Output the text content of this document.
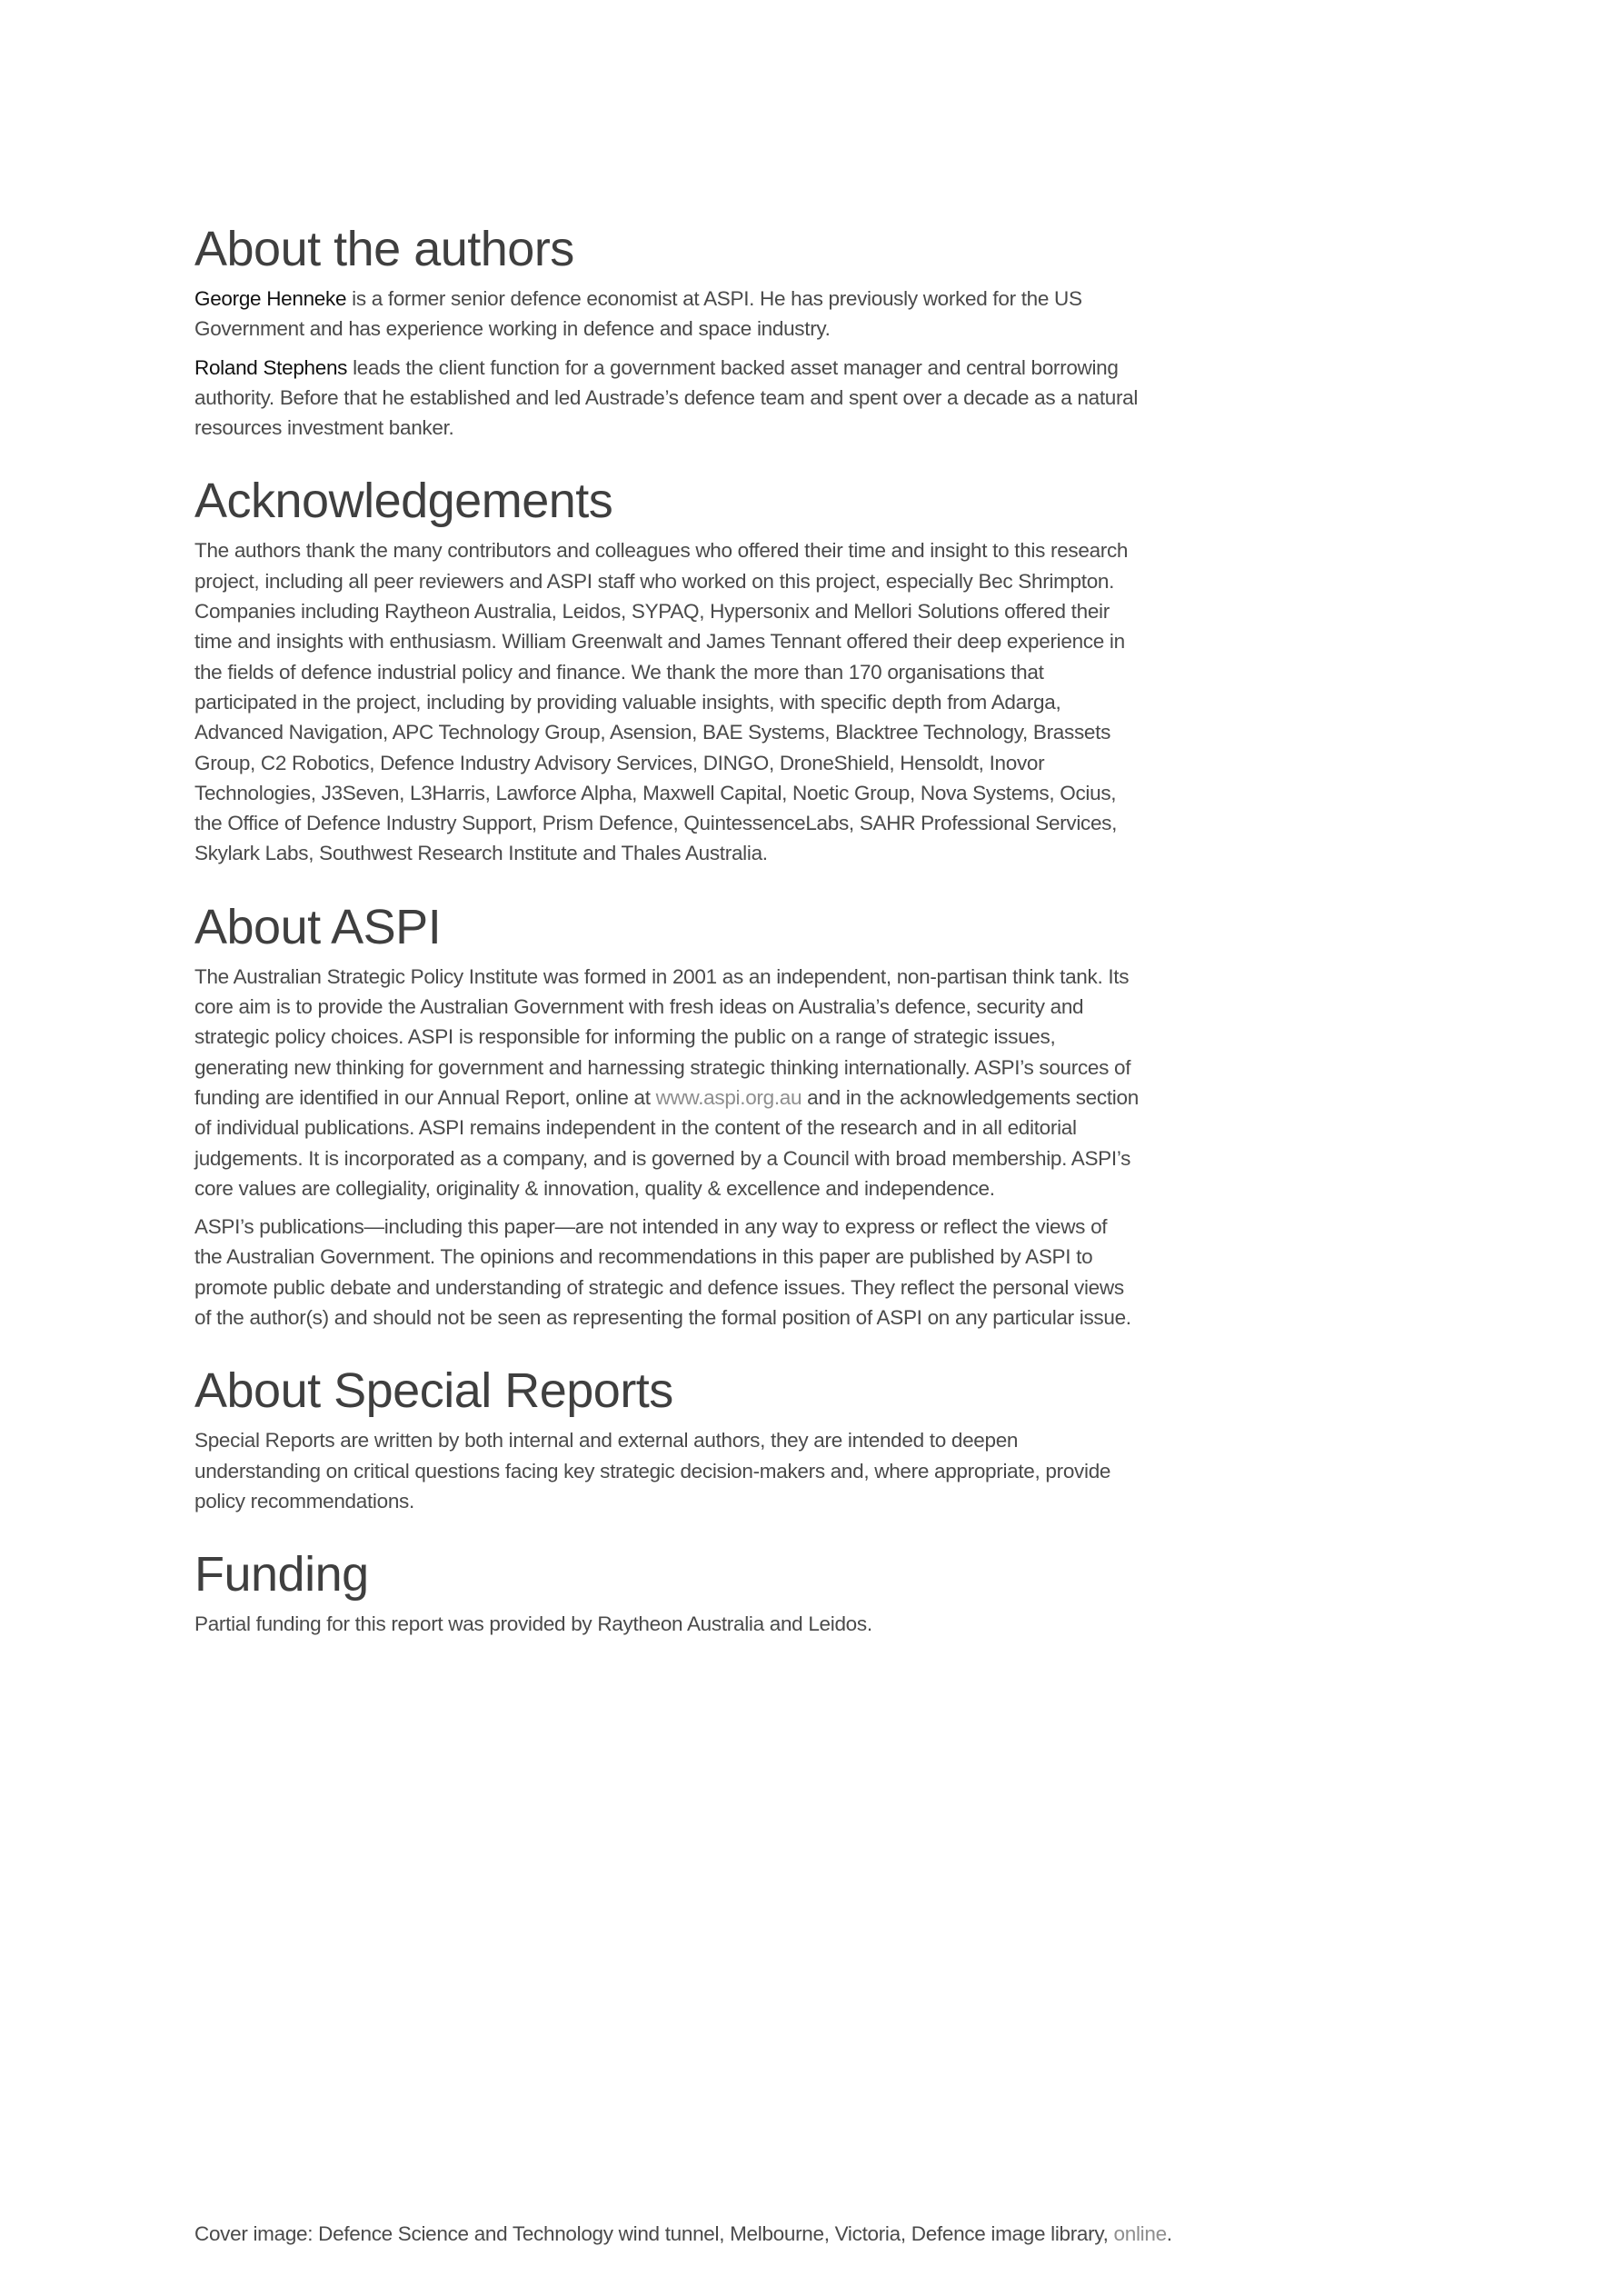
About the authors

George Henneke is a former senior defence economist at ASPI. He has previously worked for the US Government and has experience working in defence and space industry.

Roland Stephens leads the client function for a government backed asset manager and central borrowing authority. Before that he established and led Austrade’s defence team and spent over a decade as a natural resources investment banker.

Acknowledgements

The authors thank the many contributors and colleagues who offered their time and insight to this research project, including all peer reviewers and ASPI staff who worked on this project, especially Bec Shrimpton. Companies including Raytheon Australia, Leidos, SYPAQ, Hypersonix and Mellori Solutions offered their time and insights with enthusiasm. William Greenwalt and James Tennant offered their deep experience in the fields of defence industrial policy and finance. We thank the more than 170 organisations that participated in the project, including by providing valuable insights, with specific depth from Adarga, Advanced Navigation, APC Technology Group, Asension, BAE Systems, Blacktree Technology, Brassets Group, C2 Robotics, Defence Industry Advisory Services, DINGO, DroneShield, Hensoldt, Inovor Technologies, J3Seven, L3Harris, Lawforce Alpha, Maxwell Capital, Noetic Group, Nova Systems, Ocius, the Office of Defence Industry Support, Prism Defence, QuintessenceLabs, SAHR Professional Services, Skylark Labs, Southwest Research Institute and Thales Australia.

About ASPI

The Australian Strategic Policy Institute was formed in 2001 as an independent, non-partisan think tank. Its core aim is to provide the Australian Government with fresh ideas on Australia’s defence, security and strategic policy choices. ASPI is responsible for informing the public on a range of strategic issues, generating new thinking for government and harnessing strategic thinking internationally. ASPI’s sources of funding are identified in our Annual Report, online at www.aspi.org.au and in the acknowledgements section of individual publications. ASPI remains independent in the content of the research and in all editorial judgements. It is incorporated as a company, and is governed by a Council with broad membership. ASPI’s core values are collegiality, originality & innovation, quality & excellence and independence.

ASPI’s publications—including this paper—are not intended in any way to express or reflect the views of the Australian Government. The opinions and recommendations in this paper are published by ASPI to promote public debate and understanding of strategic and defence issues. They reflect the personal views of the author(s) and should not be seen as representing the formal position of ASPI on any particular issue.

About Special Reports

Special Reports are written by both internal and external authors, they are intended to deepen understanding on critical questions facing key strategic decision-makers and, where appropriate, provide policy recommendations.

Funding

Partial funding for this report was provided by Raytheon Australia and Leidos.

Cover image: Defence Science and Technology wind tunnel, Melbourne, Victoria, Defence image library, online.
